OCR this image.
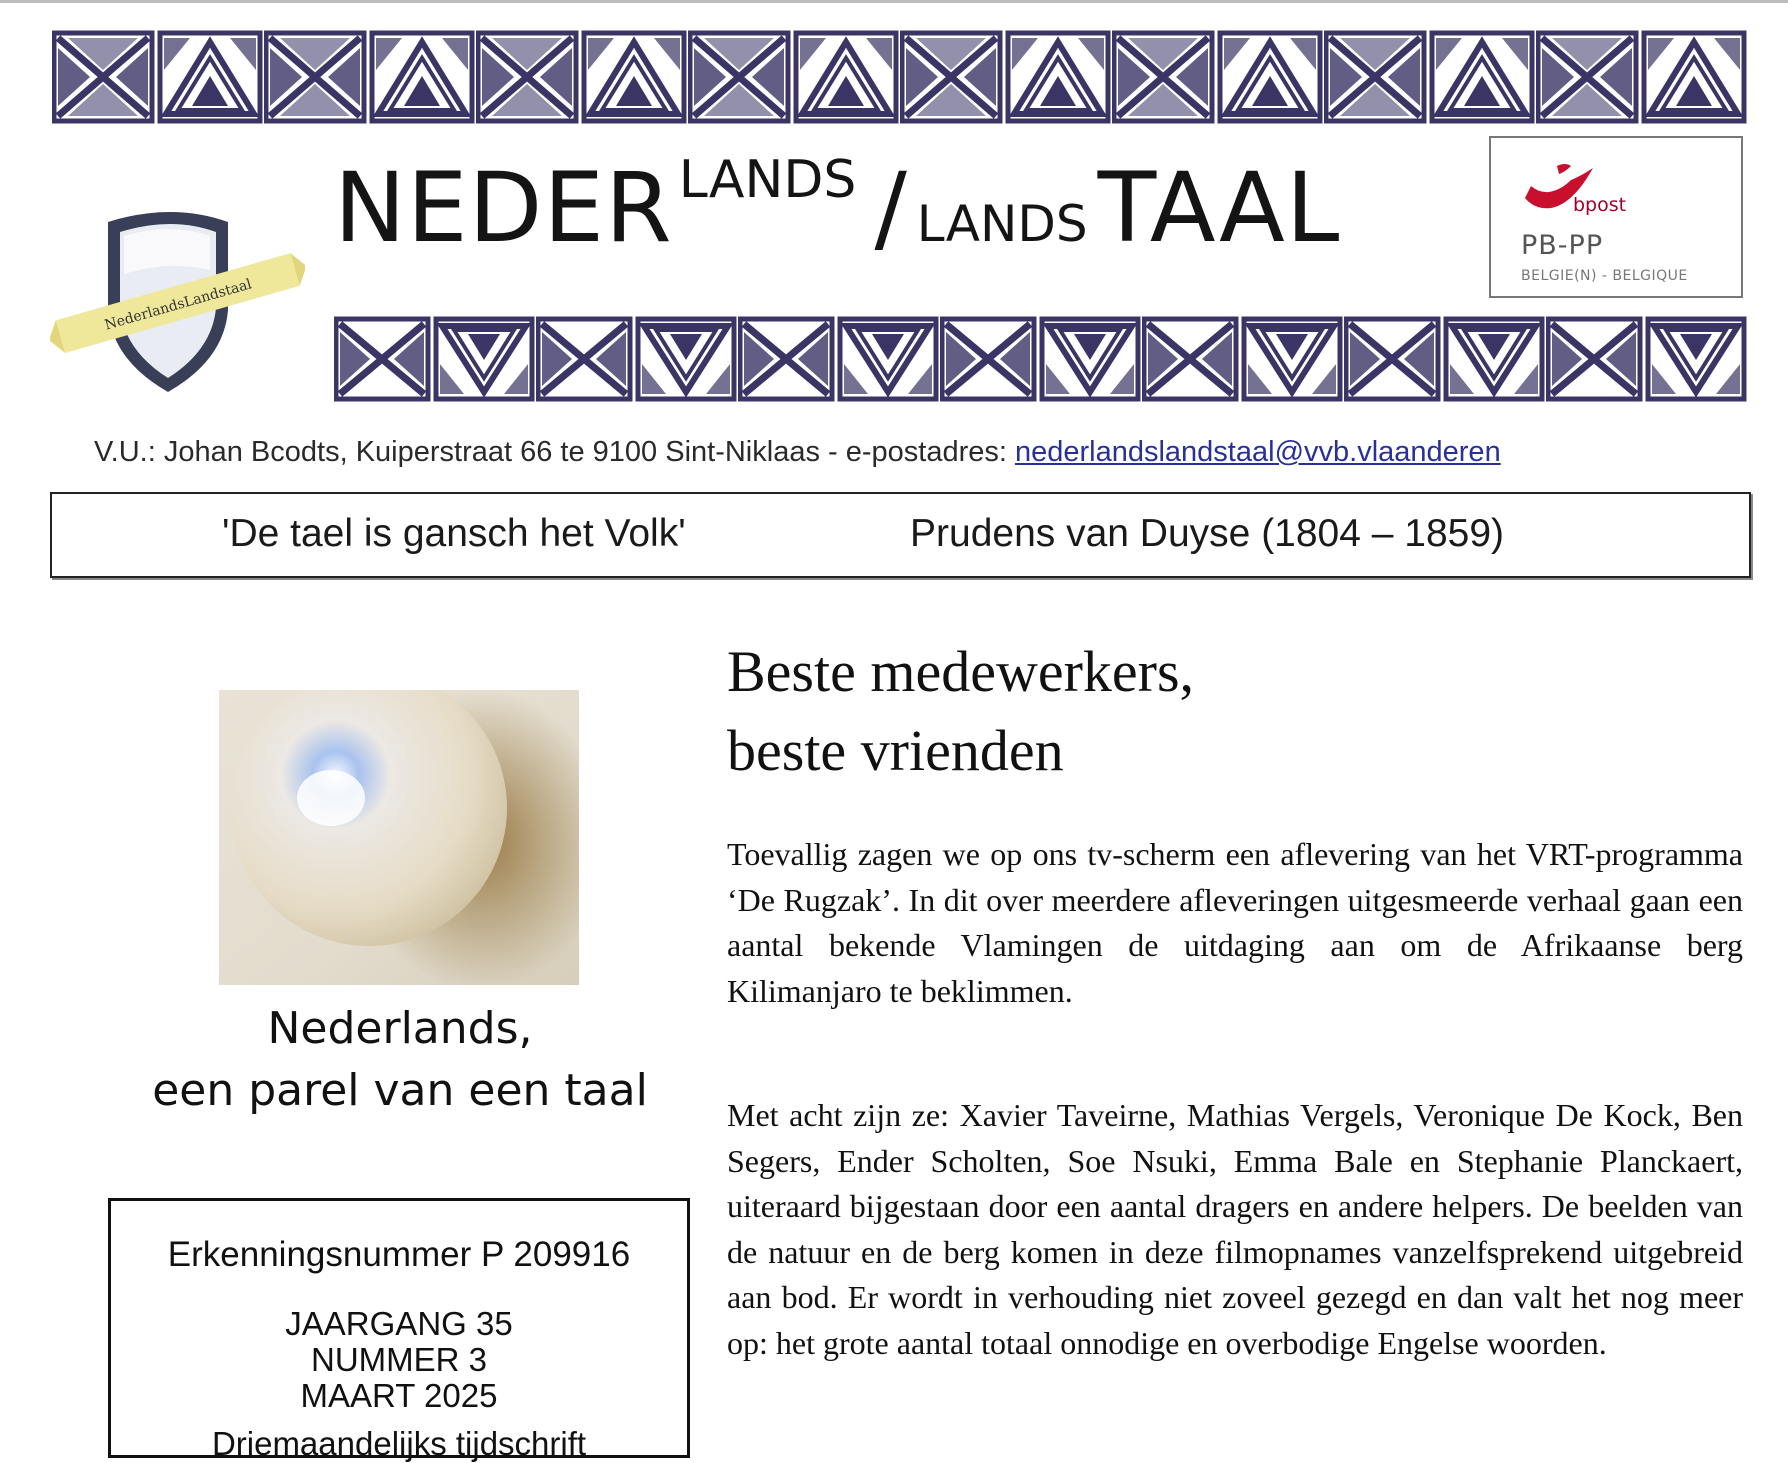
NederlandsLandstaal
NEDER LANDS / LANDS TAAL	bpost
PB-PP
BELGIE(N) - BELGIQUE
V.U.: Johan Bcodts, Kuiperstraat 66 te 9100 Sint-Niklaas - e-postadres: nederlandslandstaal@vvb.vlaanderen
'De tael is gansch het Volk'	Prudens van Duyse (1804 – 1859)
Nederlands,
een parel van een taal
Erkenningsnummer P 209916
JAARGANG 35
NUMMER 3
MAART 2025
Driemaandelijks tijdschrift
Beste medewerkers,
beste vrienden
Toevallig zagen we op ons tv-scherm een aflevering van het VRT-programma ‘De Rugzak’. In dit over meerdere afleveringen uitgesmeerde verhaal gaan een aantal bekende Vlamingen de uitdaging aan om de Afrikaanse berg Kilimanjaro te beklimmen.
Met acht zijn ze: Xavier Taveirne, Mathias Vergels, Veronique De Kock, Ben Segers, Ender Scholten, Soe Nsuki, Emma Bale en Stephanie Planckaert, uiteraard bijgestaan door een aantal dragers en andere helpers. De beelden van de natuur en de berg komen in deze filmopnames vanzelfsprekend uitgebreid aan bod. Er wordt in verhouding niet zoveel gezegd en dan valt het nog meer op: het grote aantal totaal onnodige en overbodige Engelse woorden.
